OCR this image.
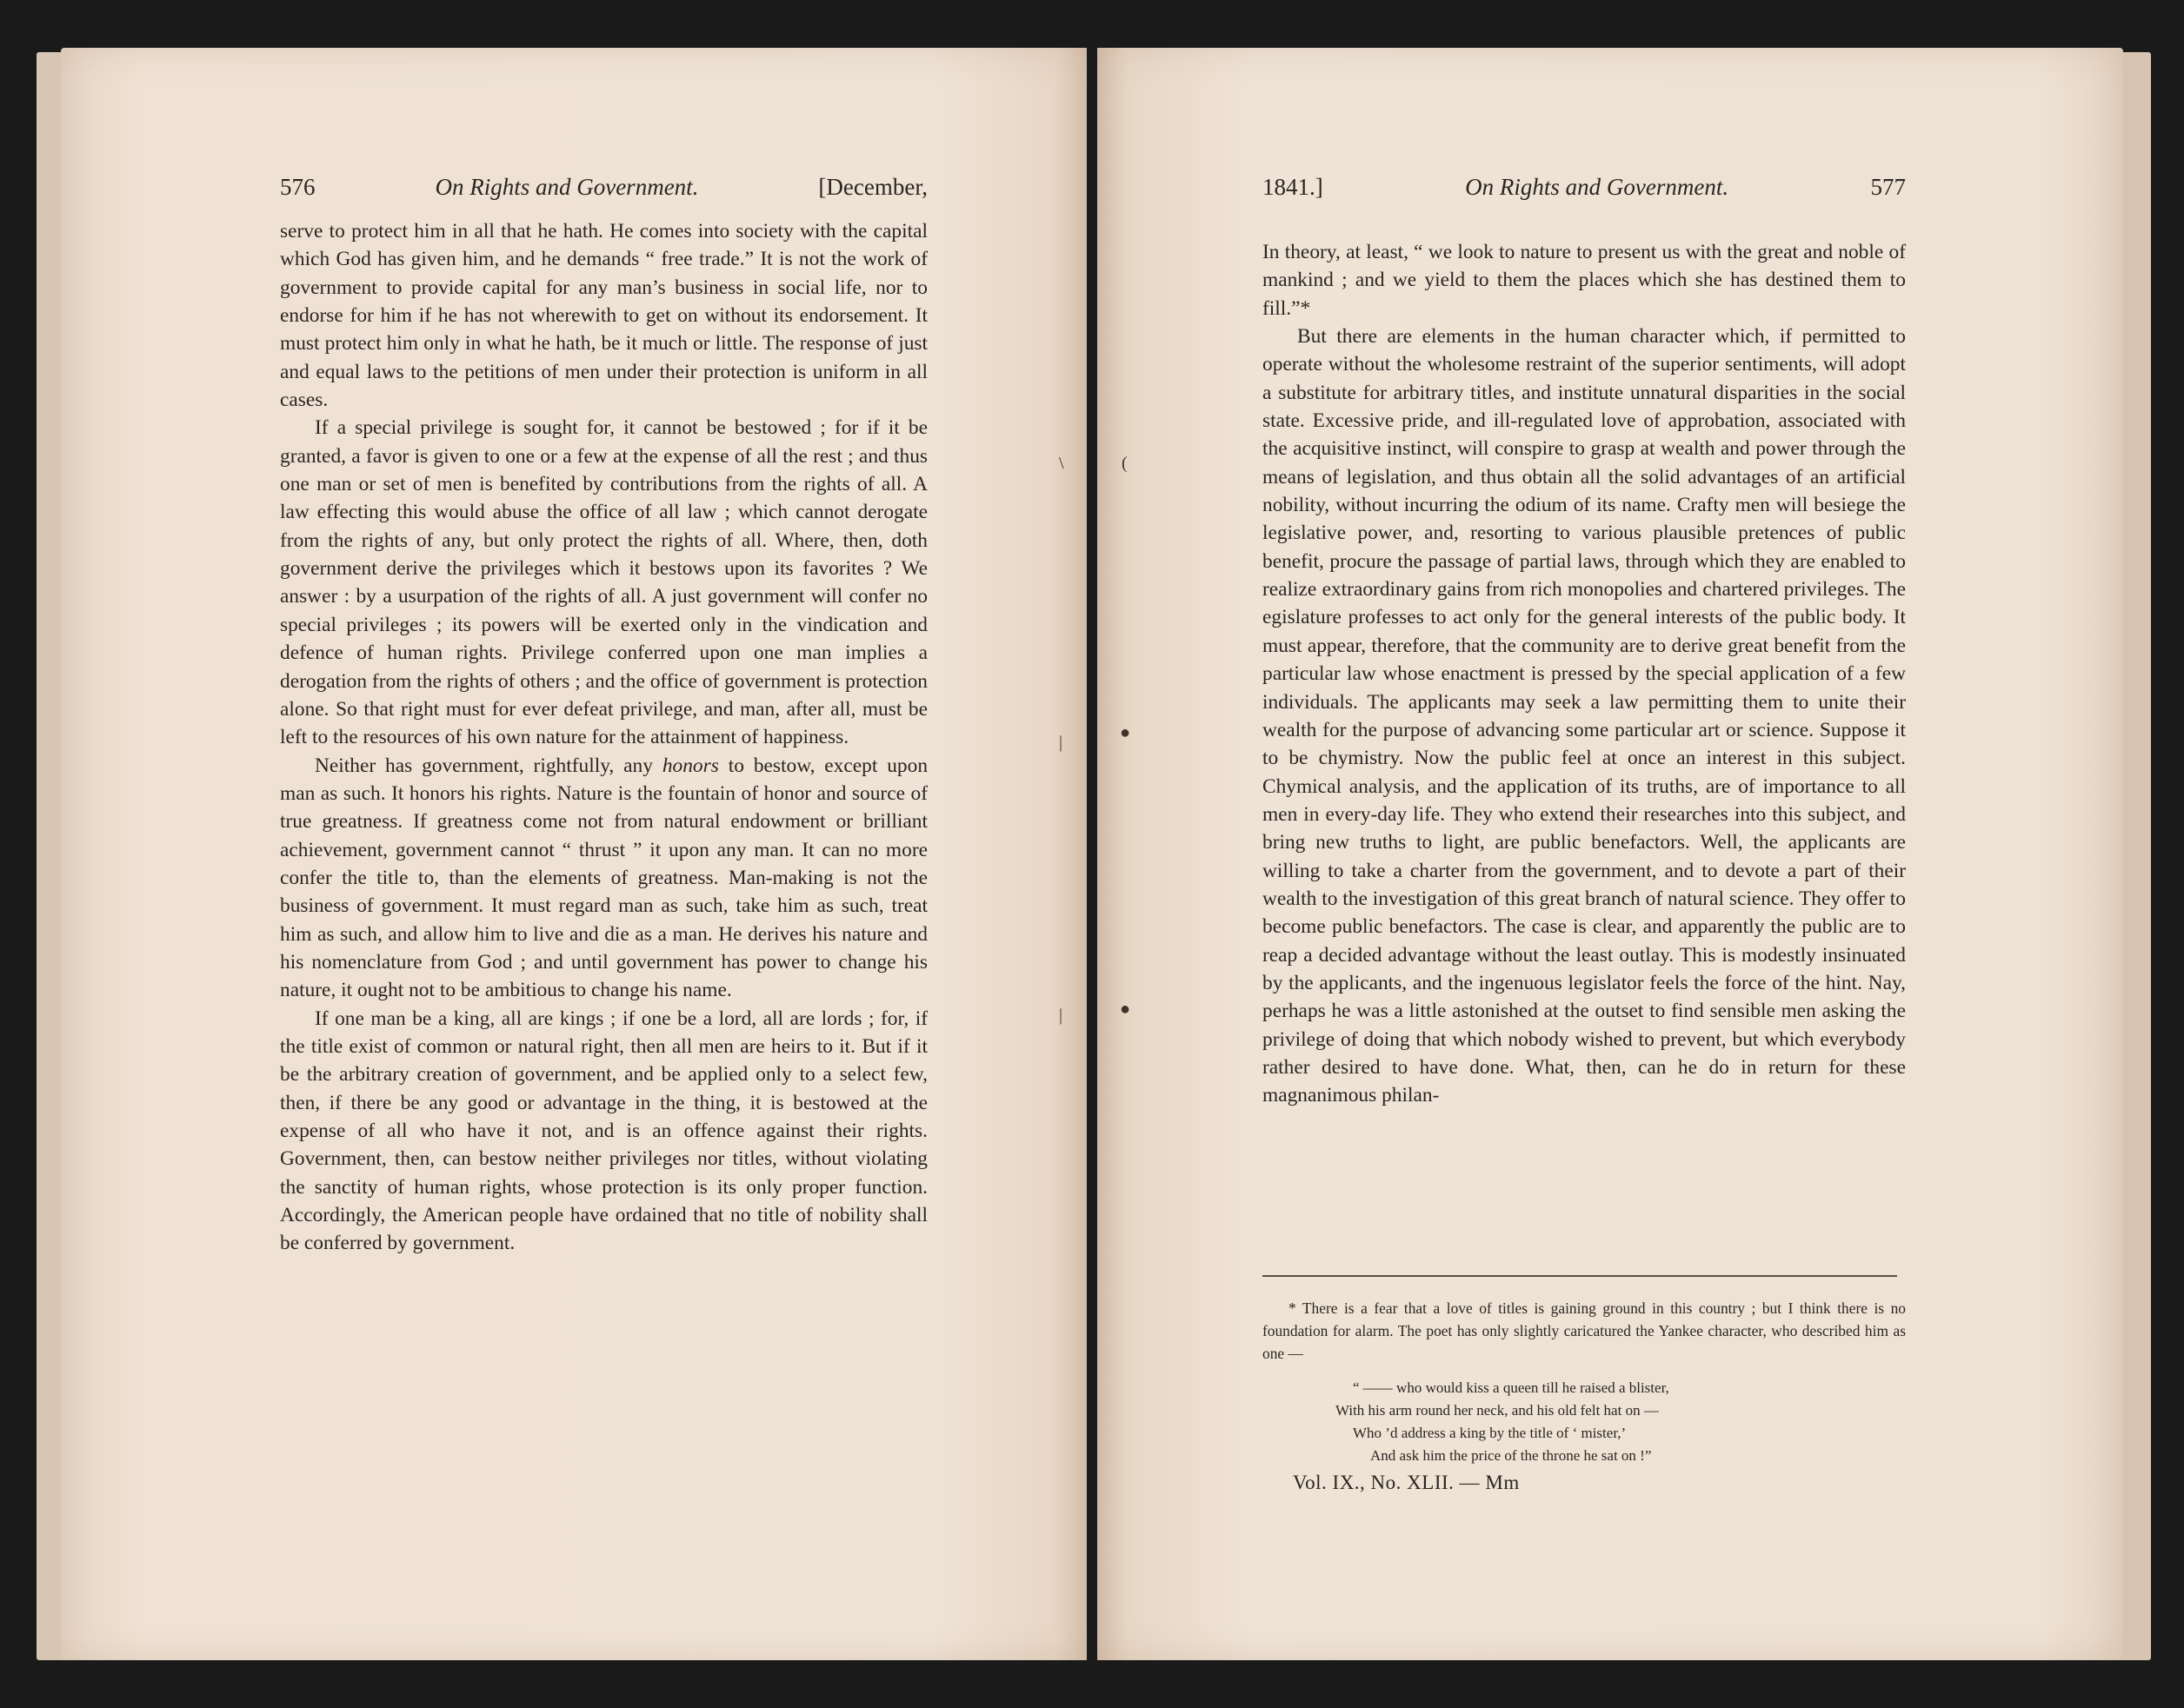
576	On Rights and Government.	[December,

serve to protect him in all that he hath. He comes into society with the capital which God has given him, and he demands “ free trade.” It is not the work of government to provide capital for any man’s business in social life, nor to endorse for him if he has not wherewith to get on without its endorsement. It must protect him only in what he hath, be it much or little. The response of just and equal laws to the petitions of men under their protection is uniform in all cases.

If a special privilege is sought for, it cannot be bestowed ; for if it be granted, a favor is given to one or a few at the expense of all the rest ; and thus one man or set of men is benefited by contributions from the rights of all. A law effecting this would abuse the office of all law ; which cannot derogate from the rights of any, but only protect the rights of all. Where, then, doth government derive the privileges which it bestows upon its favorites ? We answer : by a usurpation of the rights of all. A just government will confer no special privileges ; its powers will be exerted only in the vindication and defence of human rights. Privilege conferred upon one man implies a derogation from the rights of others ; and the office of government is protection alone. So that right must for ever defeat privilege, and man, after all, must be left to the resources of his own nature for the attainment of happiness.

Neither has government, rightfully, any honors to bestow, except upon man as such. It honors his rights. Nature is the fountain of honor and source of true greatness. If greatness come not from natural endowment or brilliant achievement, government cannot “ thrust ” it upon any man. It can no more confer the title to, than the elements of greatness. Man-making is not the business of government. It must regard man as such, take him as such, treat him as such, and allow him to live and die as a man. He derives his nature and his nomenclature from God ; and until government has power to change his nature, it ought not to be ambitious to change his name.

If one man be a king, all are kings ; if one be a lord, all are lords ; for, if the title exist of common or natural right, then all men are heirs to it. But if it be the arbitrary creation of government, and be applied only to a select few, then, if there be any good or advantage in the thing, it is bestowed at the expense of all who have it not, and is an offence against their rights. Government, then, can bestow neither privileges nor titles, without violating the sanctity of human rights, whose protection is its only proper function. Accordingly, the American people have ordained that no title of nobility shall be conferred by government.

1841.]	On Rights and Government.	577

In theory, at least, “ we look to nature to present us with the great and noble of mankind ; and we yield to them the places which she has destined them to fill.”*

But there are elements in the human character which, if permitted to operate without the wholesome restraint of the superior sentiments, will adopt a substitute for arbitrary titles, and institute unnatural disparities in the social state. Excessive pride, and ill-regulated love of approbation, associated with the acquisitive instinct, will conspire to grasp at wealth and power through the means of legislation, and thus obtain all the solid advantages of an artificial nobility, without incurring the odium of its name. Crafty men will besiege the legislative power, and, resorting to various plausible pretences of public benefit, procure the passage of partial laws, through which they are enabled to realize extraordinary gains from rich monopolies and chartered privileges. The egislature professes to act only for the general interests of the public body. It must appear, therefore, that the community are to derive great benefit from the particular law whose enactment is pressed by the special application of a few individuals. The applicants may seek a law permitting them to unite their wealth for the purpose of advancing some particular art or science. Suppose it to be chymistry. Now the public feel at once an interest in this subject. Chymical analysis, and the application of its truths, are of importance to all men in every-day life. They who extend their researches into this subject, and bring new truths to light, are public benefactors. Well, the applicants are willing to take a charter from the government, and to devote a part of their wealth to the investigation of this great branch of natural science. They offer to become public benefactors. The case is clear, and apparently the public are to reap a decided advantage without the least outlay. This is modestly insinuated by the applicants, and the ingenuous legislator feels the force of the hint. Nay, perhaps he was a little astonished at the outset to find sensible men asking the privilege of doing that which nobody wished to prevent, but which everybody rather desired to have done. What, then, can he do in return for these magnanimous philan-

* There is a fear that a love of titles is gaining ground in this country ; but I think there is no foundation for alarm. The poet has only slightly caricatured the Yankee character, who described him as one —

“ —— who would kiss a queen till he raised a blister,
With his arm round her neck, and his old felt hat on —
Who ’d address a king by the title of ‘ mister,’
And ask him the price of the throne he sat on !”
Vol. IX., No. XLII. — Mm
\	(
|	●
|	●
